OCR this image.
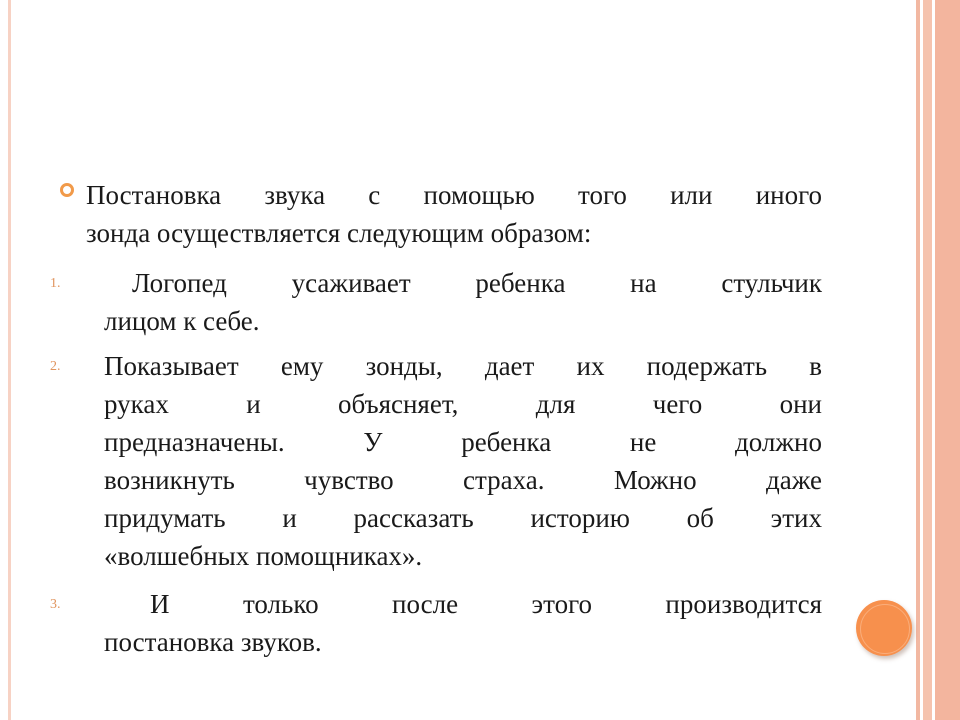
Постановка звука с помощью того или иного
зонда осуществляется следующим образом:
1.	Логопед усаживает ребенка на стульчик
лицом к себе.
2. Показывает ему зонды, дает их подержать в
руках и объясняет, для чего они
предназначены. У ребенка не должно
возникнуть чувство страха. Можно даже
придумать и рассказать историю об этих
«волшебных помощниках».
3.	И только после этого производится
постановка звуков.
